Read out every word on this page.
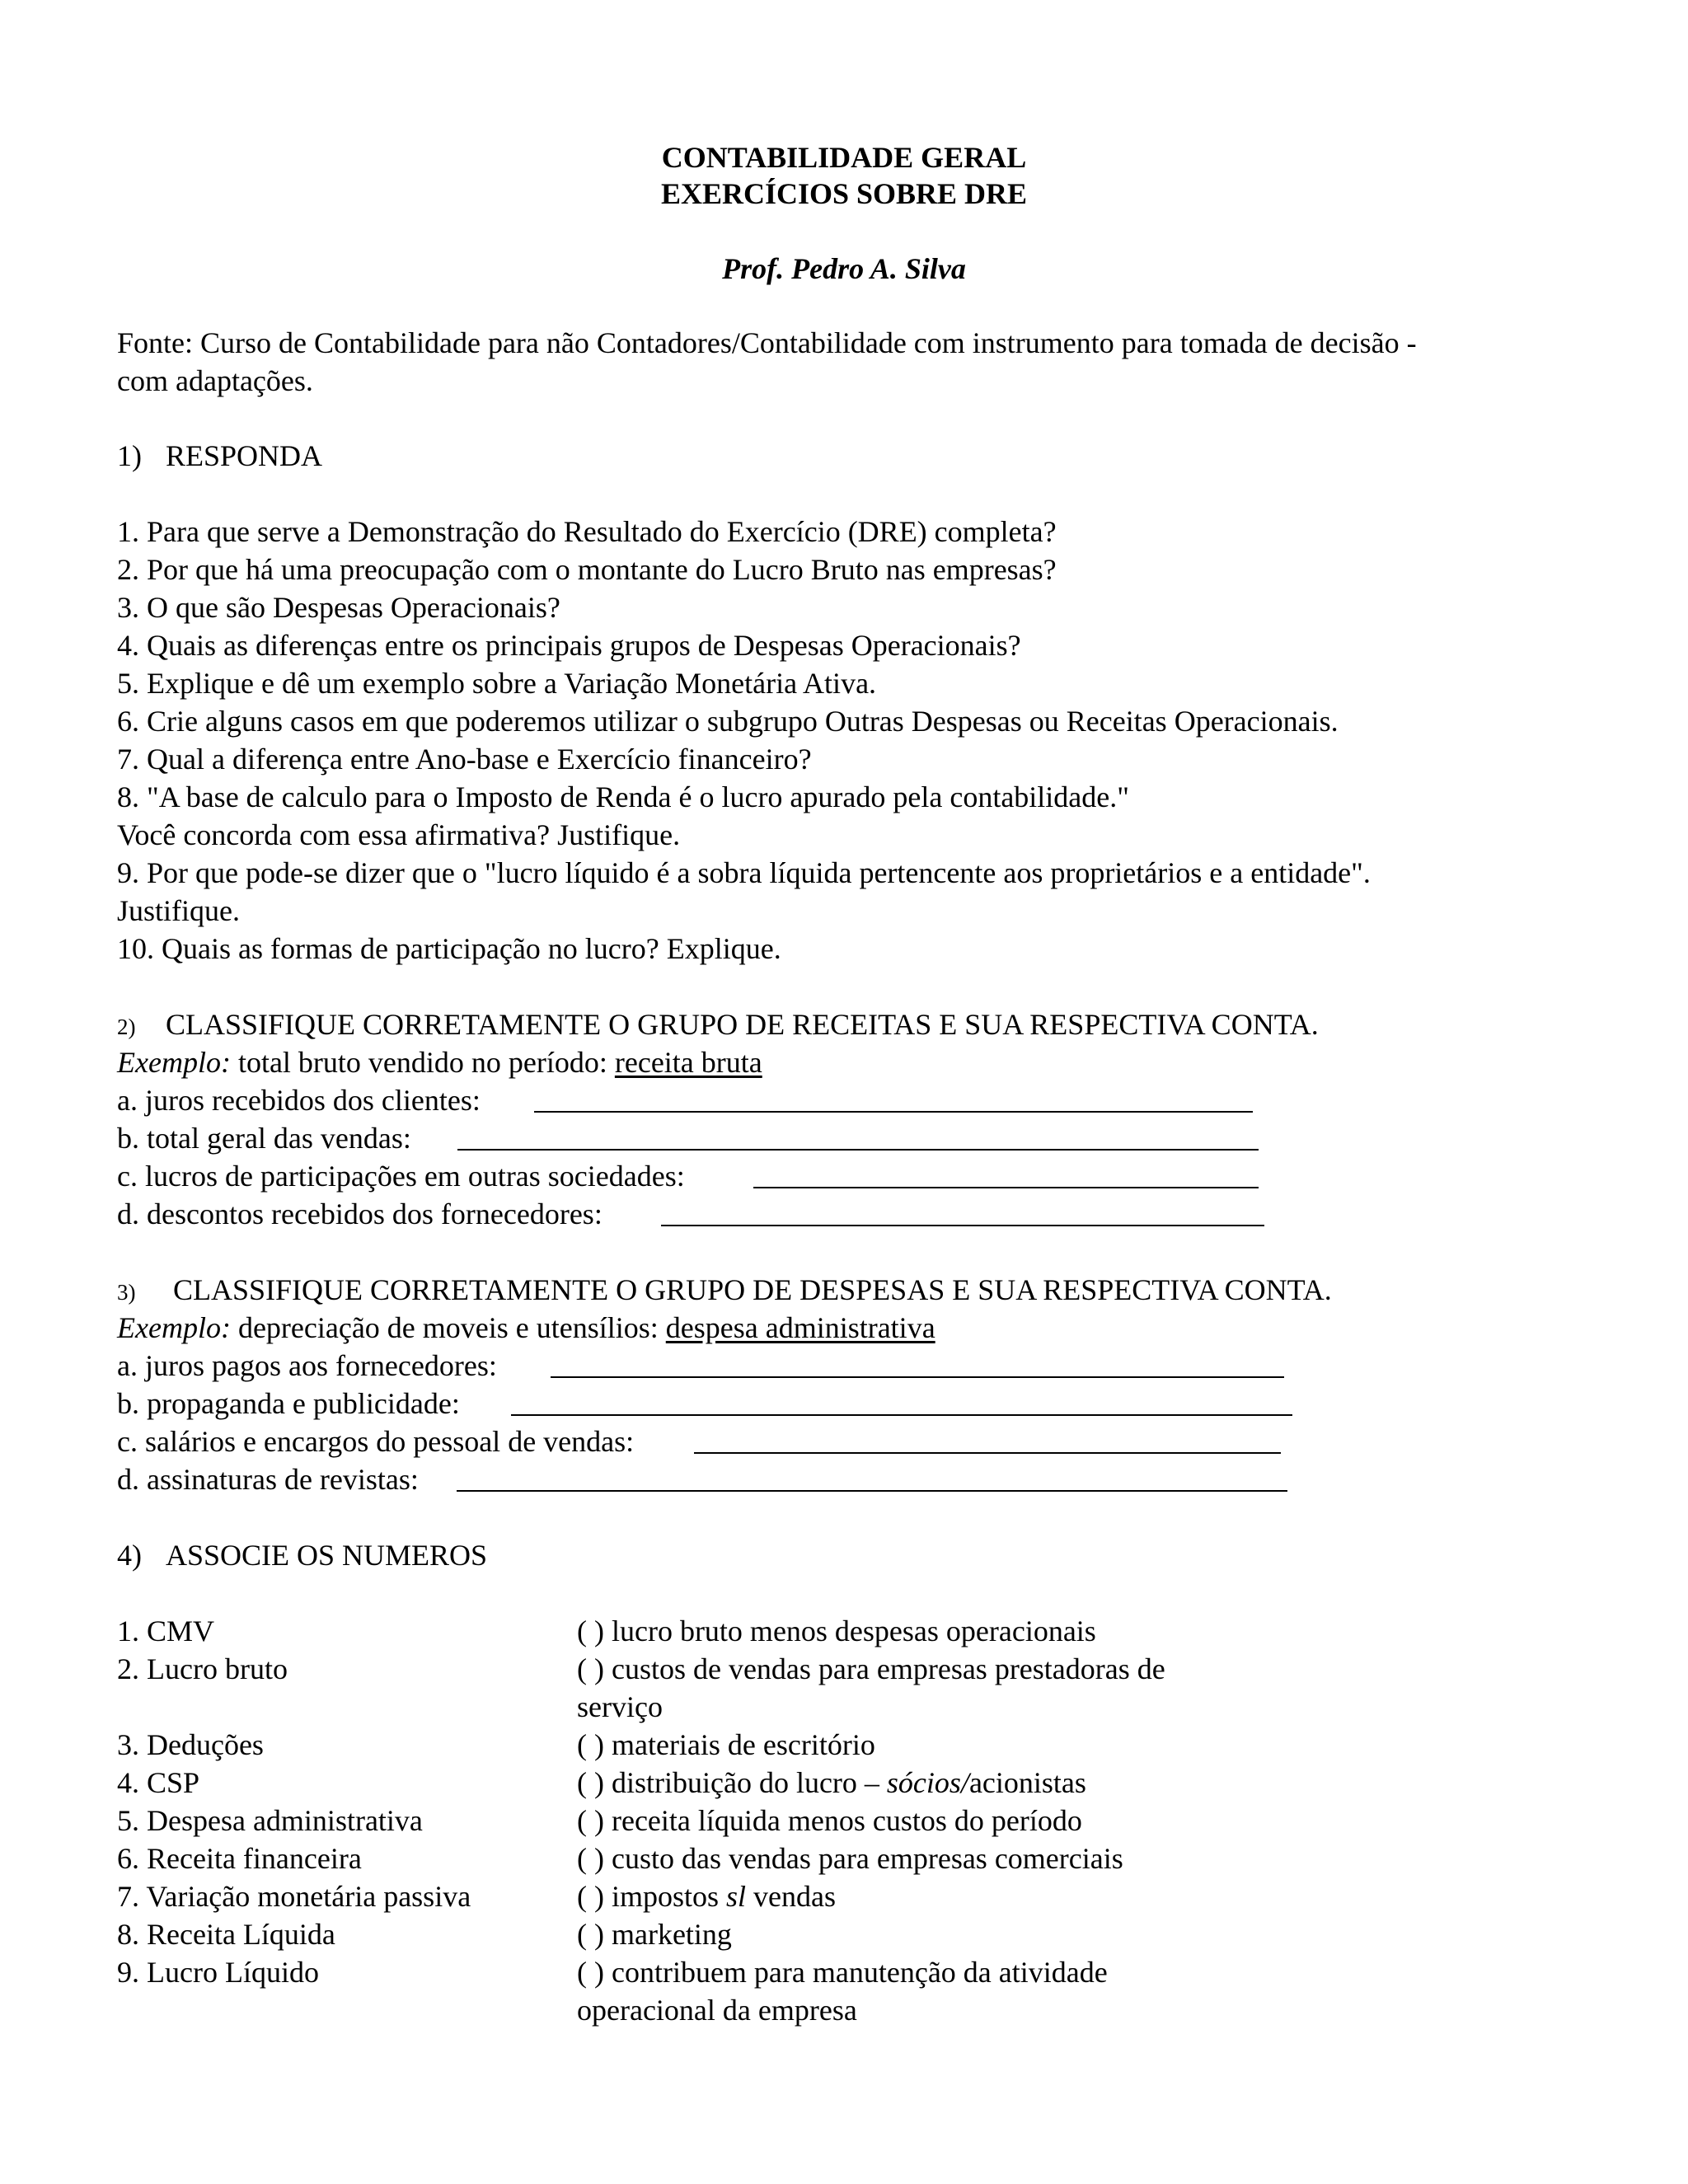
CONTABILIDADE GERAL
EXERCÍCIOS SOBRE DRE
Prof. Pedro A. Silva
Fonte: Curso de Contabilidade para não Contadores/Contabilidade com instrumento para tomada de decisão -
com adaptações.
1) RESPONDA
1. Para que serve a Demonstração do Resultado do Exercício (DRE) completa?
2. Por que há uma preocupação com o montante do Lucro Bruto nas empresas?
3. O que são Despesas Operacionais?
4. Quais as diferenças entre os principais grupos de Despesas Operacionais?
5. Explique e dê um exemplo sobre a Variação Monetária Ativa.
6. Crie alguns casos em que poderemos utilizar o subgrupo Outras Despesas ou Receitas Operacionais.
7. Qual a diferença entre Ano-base e Exercício financeiro?
8. "A base de calculo para o Imposto de Renda é o lucro apurado pela contabilidade."
Você concorda com essa afirmativa? Justifique.
9. Por que pode-se dizer que o "lucro líquido é a sobra líquida pertencente aos proprietários e a entidade".
Justifique.
10. Quais as formas de participação no lucro? Explique.
2) CLASSIFIQUE CORRETAMENTE O GRUPO DE RECEITAS E SUA RESPECTIVA CONTA.
Exemplo: total bruto vendido no período: receita bruta
a. juros recebidos dos clientes:
b. total geral das vendas:
c. lucros de participações em outras sociedades:
d. descontos recebidos dos fornecedores:
3) CLASSIFIQUE CORRETAMENTE O GRUPO DE DESPESAS E SUA RESPECTIVA CONTA.
Exemplo: depreciação de moveis e utensílios: despesa administrativa
a. juros pagos aos fornecedores:
b. propaganda e publicidade:
c. salários e encargos do pessoal de vendas:
d. assinaturas de revistas:
4) ASSOCIE OS NUMEROS
1. CMV
2. Lucro bruto
3. Deduções
4. CSP
5. Despesa administrativa
6. Receita financeira
7. Variação monetária passiva
8. Receita Líquida
9. Lucro Líquido
( ) lucro bruto menos despesas operacionais
( ) custos de vendas para empresas prestadoras de
serviço
( ) materiais de escritório
( ) distribuição do lucro – sócios/acionistas
( ) receita líquida menos custos do período
( ) custo das vendas para empresas comerciais
( ) impostos sl vendas
( ) marketing
( ) contribuem para manutenção da atividade
operacional da empresa
